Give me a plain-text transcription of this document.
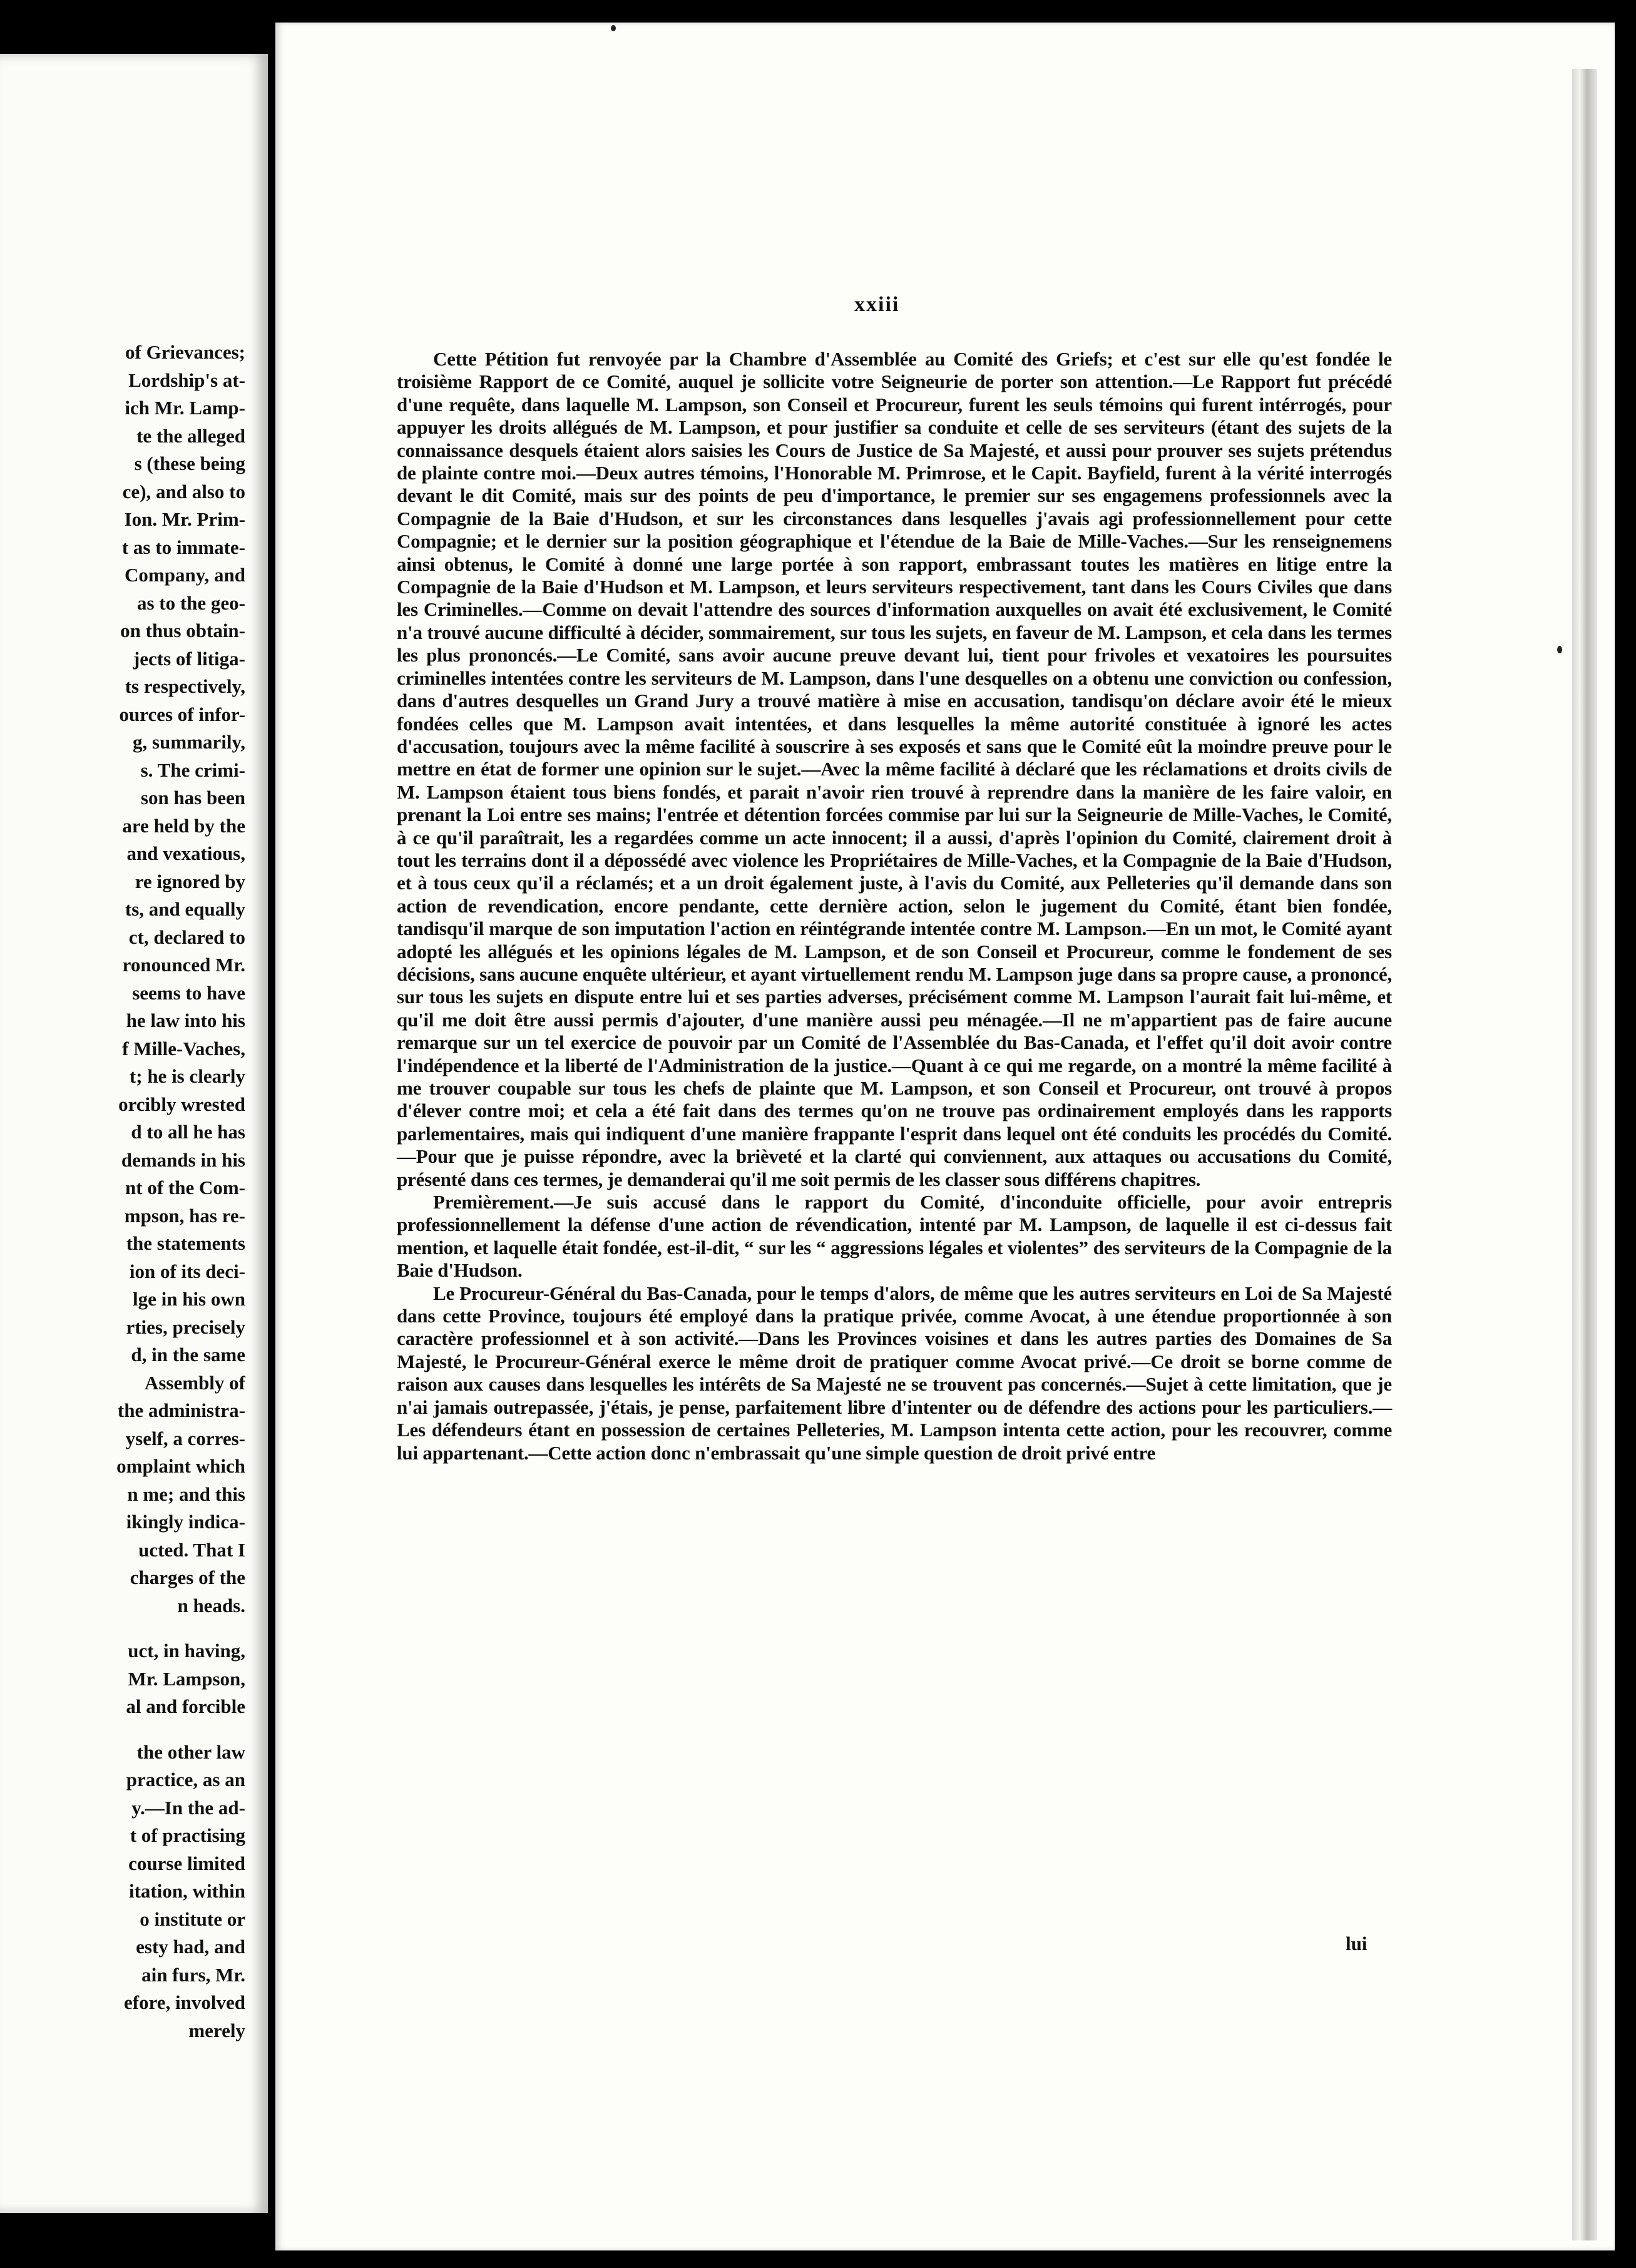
of Grievances;
Lordship's at-
ich Mr. Lamp-
te the alleged
s (these being
ce), and also to
Ion. Mr. Prim-
t as to immate-
Company, and
as to the geo-
on thus obtain-
jects of litiga-
ts respectively,
ources of infor-
g, summarily,
s. The crimi-
son has been
are held by the
and vexatious,
re ignored by
ts, and equally
ct, declared to
ronounced Mr.
seems to have
he law into his
f Mille-Vaches,
t; he is clearly
orcibly wrested
d to all he has
demands in his
nt of the Com-
mpson, has re-
the statements
ion of its deci-
lge in his own
rties, precisely
d, in the same
Assembly of
the administra-
yself, a corres-
omplaint which
n me; and this
ikingly indica-
ucted. That I
charges of the
n heads.
uct, in having,
Mr. Lampson,
al and forcible
the other law
practice, as an
y.—In the ad-
t of practising
course limited
itation, within
o institute or
esty had, and
ain furs, Mr.
efore, involved
merely
xxiii

Cette Pétition fut renvoyée par la Chambre d'Assemblée au Comité des Griefs; et c'est sur elle qu'est fondée le troisième Rapport de ce Comité, auquel je sollicite votre Seigneurie de porter son attention.—Le Rapport fut précédé d'une requête, dans laquelle M. Lampson, son Conseil et Procureur, furent les seuls témoins qui furent intérrogés, pour appuyer les droits allégués de M. Lampson, et pour justifier sa conduite et celle de ses serviteurs (étant des sujets de la connaissance desquels étaient alors saisies les Cours de Justice de Sa Majesté, et aussi pour prouver ses sujets prétendus de plainte contre moi.—Deux autres témoins, l'Honorable M. Primrose, et le Capit. Bayfield, furent à la vérité interrogés devant le dit Comité, mais sur des points de peu d'importance, le premier sur ses engagemens professionnels avec la Compagnie de la Baie d'Hudson, et sur les circonstances dans lesquelles j'avais agi professionnellement pour cette Compagnie; et le dernier sur la position géographique et l'étendue de la Baie de Mille-Vaches.—Sur les renseignemens ainsi obtenus, le Comité à donné une large portée à son rapport, embrassant toutes les matières en litige entre la Compagnie de la Baie d'Hudson et M. Lampson, et leurs serviteurs respectivement, tant dans les Cours Civiles que dans les Criminelles.—Comme on devait l'attendre des sources d'information auxquelles on avait été exclusivement, le Comité n'a trouvé aucune difficulté à décider, sommairement, sur tous les sujets, en faveur de M. Lampson, et cela dans les termes les plus prononcés.—Le Comité, sans avoir aucune preuve devant lui, tient pour frivoles et vexatoires les poursuites criminelles intentées contre les serviteurs de M. Lampson, dans l'une desquelles on a obtenu une conviction ou confession, dans d'autres desquelles un Grand Jury a trouvé matière à mise en accusation, tandisqu'on déclare avoir été le mieux fondées celles que M. Lampson avait intentées, et dans lesquelles la même autorité constituée à ignoré les actes d'accusation, toujours avec la même facilité à souscrire à ses exposés et sans que le Comité eût la moindre preuve pour le mettre en état de former une opinion sur le sujet.—Avec la même facilité à déclaré que les réclamations et droits civils de M. Lampson étaient tous biens fondés, et parait n'avoir rien trouvé à reprendre dans la manière de les faire valoir, en prenant la Loi entre ses mains; l'entrée et détention forcées commise par lui sur la Seigneurie de Mille-Vaches, le Comité, à ce qu'il paraîtrait, les a regardées comme un acte innocent; il a aussi, d'après l'opinion du Comité, clairement droit à tout les terrains dont il a dépossédé avec violence les Propriétaires de Mille-Vaches, et la Compagnie de la Baie d'Hudson, et à tous ceux qu'il a réclamés; et a un droit également juste, à l'avis du Comité, aux Pelleteries qu'il demande dans son action de revendication, encore pendante, cette dernière action, selon le jugement du Comité, étant bien fondée, tandisqu'il marque de son imputation l'action en réintégrande intentée contre M. Lampson.—En un mot, le Comité ayant adopté les allégués et les opinions légales de M. Lampson, et de son Conseil et Procureur, comme le fondement de ses décisions, sans aucune enquête ultérieur, et ayant virtuellement rendu M. Lampson juge dans sa propre cause, a prononcé, sur tous les sujets en dispute entre lui et ses parties adverses, précisément comme M. Lampson l'aurait fait lui-même, et qu'il me doit être aussi permis d'ajouter, d'une manière aussi peu ménagée.—Il ne m'appartient pas de faire aucune remarque sur un tel exercice de pouvoir par un Comité de l'Assemblée du Bas-Canada, et l'effet qu'il doit avoir contre l'indépendence et la liberté de l'Administration de la justice.—Quant à ce qui me regarde, on a montré la même facilité à me trouver coupable sur tous les chefs de plainte que M. Lampson, et son Conseil et Procureur, ont trouvé à propos d'élever contre moi; et cela a été fait dans des termes qu'on ne trouve pas ordinairement employés dans les rapports parlementaires, mais qui indiquent d'une manière frappante l'esprit dans lequel ont été conduits les procédés du Comité.—Pour que je puisse répondre, avec la brièveté et la clarté qui conviennent, aux attaques ou accusations du Comité, présenté dans ces termes, je demanderai qu'il me soit permis de les classer sous différens chapitres.

Premièrement.—Je suis accusé dans le rapport du Comité, d'inconduite officielle, pour avoir entrepris professionnellement la défense d'une action de révendication, intenté par M. Lampson, de laquelle il est ci-dessus fait mention, et laquelle était fondée, est-il-dit, “ sur les “ aggressions légales et violentes” des serviteurs de la Compagnie de la Baie d'Hudson.

Le Procureur-Général du Bas-Canada, pour le temps d'alors, de même que les autres serviteurs en Loi de Sa Majesté dans cette Province, toujours été employé dans la pratique privée, comme Avocat, à une étendue proportionnée à son caractère professionnel et à son activité.—Dans les Provinces voisines et dans les autres parties des Domaines de Sa Majesté, le Procureur-Général exerce le même droit de pratiquer comme Avocat privé.—Ce droit se borne comme de raison aux causes dans lesquelles les intérêts de Sa Majesté ne se trouvent pas concernés.—Sujet à cette limitation, que je n'ai jamais outrepassée, j'étais, je pense, parfaitement libre d'intenter ou de défendre des actions pour les particuliers.—Les défendeurs étant en possession de certaines Pelleteries, M. Lampson intenta cette action, pour les recouvrer, comme lui appartenant.—Cette action donc n'embrassait qu'une simple question de droit privé entre

lui
